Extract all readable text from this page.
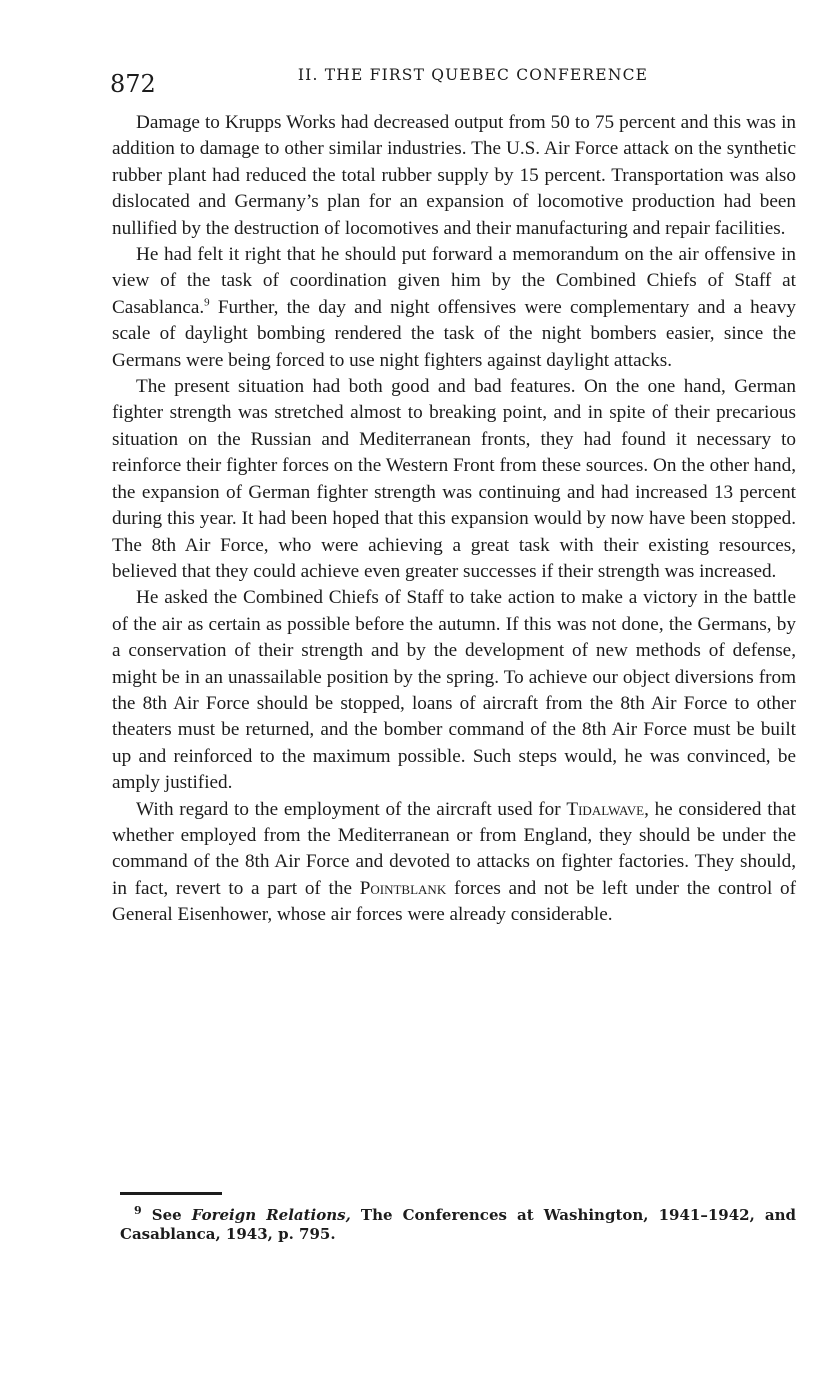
872	II. THE FIRST QUEBEC CONFERENCE

Damage to Krupps Works had decreased output from 50 to 75 percent and this was in addition to damage to other similar industries. The U.S. Air Force attack on the synthetic rubber plant had reduced the total rubber supply by 15 percent. Transportation was also dislocated and Germany’s plan for an expansion of locomotive production had been nullified by the destruction of locomotives and their manufacturing and repair facilities.

He had felt it right that he should put forward a memorandum on the air offensive in view of the task of coordination given him by the Combined Chiefs of Staff at Casablanca.$^9$ Further, the day and night offensives were complementary and a heavy scale of daylight bombing rendered the task of the night bombers easier, since the Germans were being forced to use night fighters against daylight attacks.

The present situation had both good and bad features. On the one hand, German fighter strength was stretched almost to breaking point, and in spite of their precarious situation on the Russian and Mediterranean fronts, they had found it necessary to reinforce their fighter forces on the Western Front from these sources. On the other hand, the expansion of German fighter strength was continuing and had increased 13 percent during this year. It had been hoped that this expansion would by now have been stopped. The 8th Air Force, who were achieving a great task with their existing resources, believed that they could achieve even greater successes if their strength was increased.

He asked the Combined Chiefs of Staff to take action to make a victory in the battle of the air as certain as possible before the autumn. If this was not done, the Germans, by a conservation of their strength and by the development of new methods of defense, might be in an unassailable position by the spring. To achieve our object diversions from the 8th Air Force should be stopped, loans of aircraft from the 8th Air Force to other theaters must be returned, and the bomber command of the 8th Air Force must be built up and reinforced to the maximum possible. Such steps would, he was convinced, be amply justified.

With regard to the employment of the aircraft used for Tidalwave, he considered that whether employed from the Mediterranean or from England, they should be under the command of the 8th Air Force and devoted to attacks on fighter factories. They should, in fact, revert to a part of the Pointblank forces and not be left under the control of General Eisenhower, whose air forces were already considerable.

$^9$ See Foreign Relations, The Conferences at Washington, 1941–1942, and Casablanca, 1943, p. 795.
